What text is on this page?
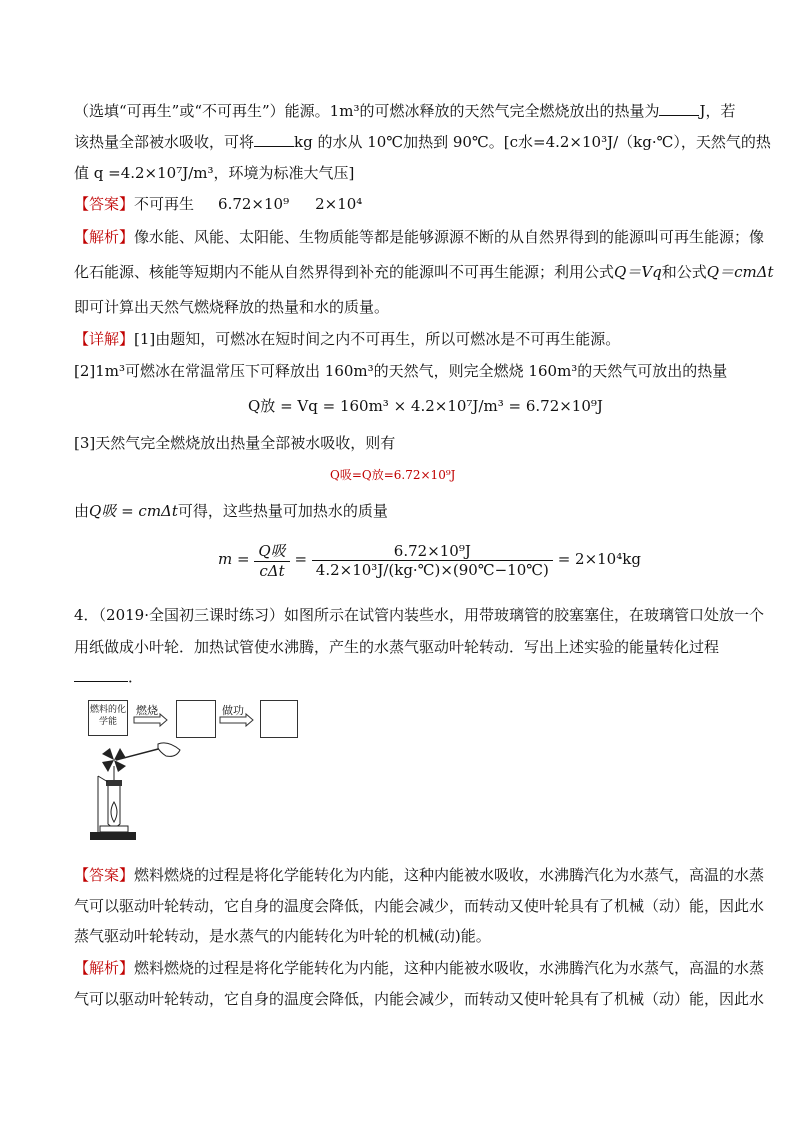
（选填“可再生”或“不可再生”）能源。1m³的可燃冰释放的天然气完全燃烧放出的热量为	J，若
该热量全部被水吸收，可将	kg 的水从 10℃加热到 90℃。[c水=4.2×10³J/（kg·℃），天然气的热
值 q =4.2×10⁷J/m³，环境为标准大气压]
【答案】不可再生 6.72×10⁹ 2×10⁴
【解析】像水能、风能、太阳能、生物质能等都是能够源源不断的从自然界得到的能源叫可再生能源；像
化石能源、核能等短期内不能从自然界得到补充的能源叫不可再生能源；利用公式Q＝Vq和公式Q＝cmΔt
即可计算出天然气燃烧释放的热量和水的质量。
【详解】[1]由题知，可燃冰在短时间之内不可再生，所以可燃冰是不可再生能源。
[2]1m³可燃冰在常温常压下可释放出 160m³的天然气，则完全燃烧 160m³的天然气可放出的热量
Q放 = Vq = 160m³ × 4.2×10⁷J/m³ = 6.72×10⁹J
[3]天然气完全燃烧放出热量全部被水吸收，则有
Q吸=Q放=6.72×10⁹J
由Q吸 = cmΔt可得，这些热量可加热水的质量
$m = \frac{\text{Q吸}}{\text{cΔt}} = \frac{\text{6.72×10⁹J}}{\text{4.2×10³J/(kg·℃)×(90℃−10℃)}} = 2\times 10^4kg$
4．（2019·全国初三课时练习）如图所示在试管内装些水，用带玻璃管的胶塞塞住，在玻璃管口处放一个
用纸做成小叶轮．加热试管使水沸腾，产生的水蒸气驱动叶轮转动．写出上述实验的能量转化过程
．
燃料的化学能
燃烧	做功
【答案】燃料燃烧的过程是将化学能转化为内能，这种内能被水吸收，水沸腾汽化为水蒸气，高温的水蒸
气可以驱动叶轮转动，它自身的温度会降低，内能会减少，而转动又使叶轮具有了机械（动）能，因此水
蒸气驱动叶轮转动，是水蒸气的内能转化为叶轮的机械(动)能。
【解析】燃料燃烧的过程是将化学能转化为内能，这种内能被水吸收，水沸腾汽化为水蒸气，高温的水蒸
气可以驱动叶轮转动，它自身的温度会降低，内能会减少，而转动又使叶轮具有了机械（动）能，因此水
